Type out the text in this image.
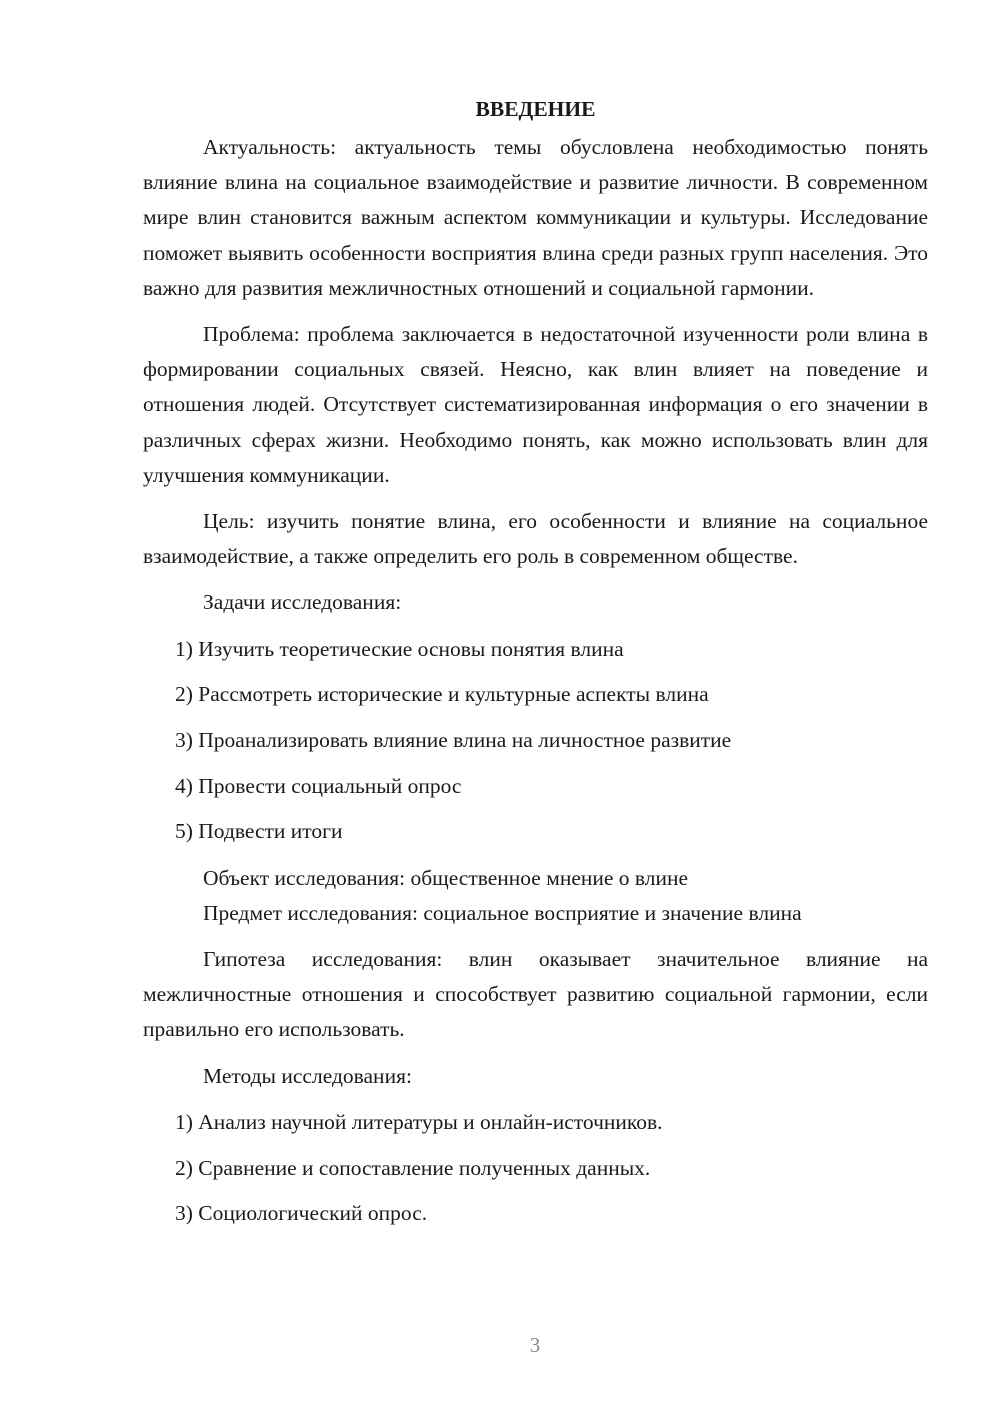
ВВЕДЕНИЕ

Актуальность: актуальность темы обусловлена необходимостью понять влияние влина на социальное взаимодействие и развитие личности. В современном мире влин становится важным аспектом коммуникации и культуры. Исследование поможет выявить особенности восприятия влина среди разных групп населения. Это важно для развития межличностных отношений и социальной гармонии.

Проблема: проблема заключается в недостаточной изученности роли влина в формировании социальных связей. Неясно, как влин влияет на поведение и отношения людей. Отсутствует систематизированная информация о его значении в различных сферах жизни. Необходимо понять, как можно использовать влин для улучшения коммуникации.

Цель: изучить понятие влина, его особенности и влияние на социальное взаимодействие, а также определить его роль в современном обществе.

Задачи исследования:

1) Изучить теоретические основы понятия влина
2) Рассмотреть исторические и культурные аспекты влина
3) Проанализировать влияние влина на личностное развитие
4) Провести социальный опрос
5) Подвести итоги

Объект исследования: общественное мнение о влине

Предмет исследования: социальное восприятие и значение влина

Гипотеза исследования: влин оказывает значительное влияние на межличностные отношения и способствует развитию социальной гармонии, если правильно его использовать.

Методы исследования:

1) Анализ научной литературы и онлайн-источников.
2) Сравнение и сопоставление полученных данных.
3) Социологический опрос.
3
